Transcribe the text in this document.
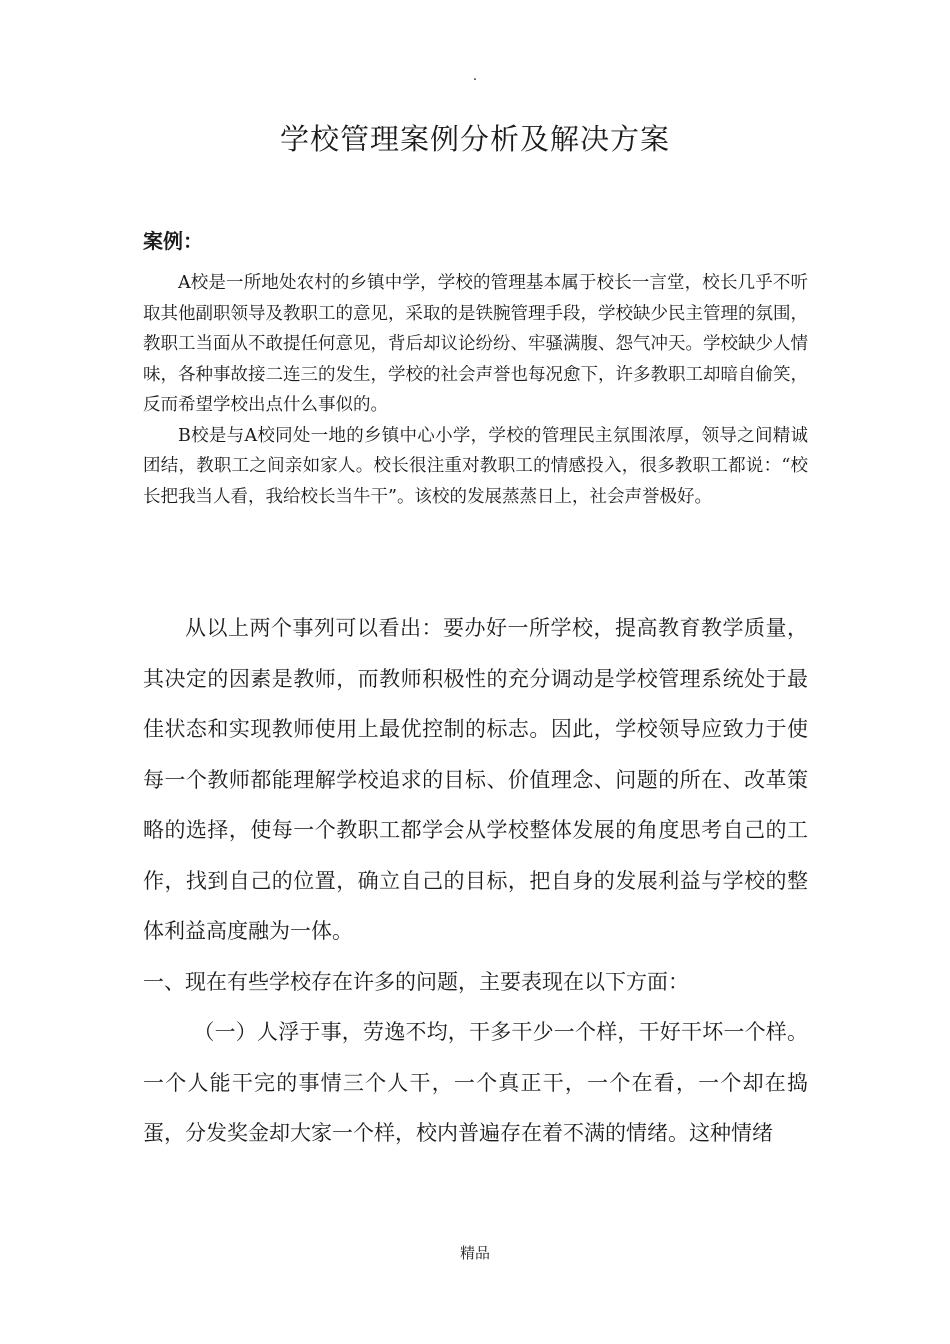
.
学校管理案例分析及解决方案
案例：

A校是一所地处农村的乡镇中学，学校的管理基本属于校长一言堂，校长几乎不听取其他副职领导及教职工的意见，采取的是铁腕管理手段，学校缺少民主管理的氛围，教职工当面从不敢提任何意见，背后却议论纷纷、牢骚满腹、怨气冲天。学校缺少人情味，各种事故接二连三的发生，学校的社会声誉也每况愈下，许多教职工却暗自偷笑，反而希望学校出点什么事似的。

B校是与A校同处一地的乡镇中心小学，学校的管理民主氛围浓厚，领导之间精诚团结，教职工之间亲如家人。校长很注重对教职工的情感投入，很多教职工都说：“校长把我当人看，我给校长当牛干”。该校的发展蒸蒸日上，社会声誉极好。

从以上两个事列可以看出：要办好一所学校，提高教育教学质量，其决定的因素是教师，而教师积极性的充分调动是学校管理系统处于最佳状态和实现教师使用上最优控制的标志。因此，学校领导应致力于使每一个教师都能理解学校追求的目标、价值理念、问题的所在、改革策略的选择，使每一个教职工都学会从学校整体发展的角度思考自己的工作，找到自己的位置，确立自己的目标，把自身的发展利益与学校的整体利益高度融为一体。

一、现在有些学校存在许多的问题，主要表现在以下方面：

（一）人浮于事，劳逸不均，干多干少一个样，干好干坏一个样。一个人能干完的事情三个人干，一个真正干，一个在看，一个却在捣蛋，分发奖金却大家一个样，校内普遍存在着不满的情绪。这种情绪

精品
